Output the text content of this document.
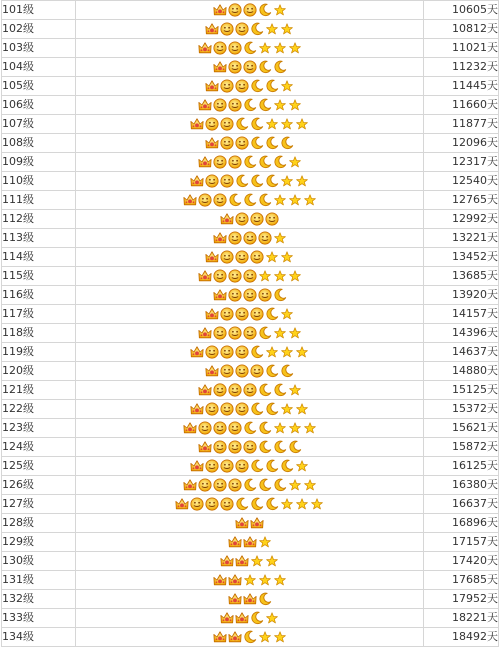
101级		10605天
102级		10812天
103级		11021天
104级		11232天
105级		11445天
106级		11660天
107级		11877天
108级		12096天
109级		12317天
110级		12540天
111级		12765天
112级		12992天
113级		13221天
114级		13452天
115级		13685天
116级		13920天
117级		14157天
118级		14396天
119级		14637天
120级		14880天
121级		15125天
122级		15372天
123级		15621天
124级		15872天
125级		16125天
126级		16380天
127级		16637天
128级		16896天
129级		17157天
130级		17420天
131级		17685天
132级		17952天
133级		18221天
134级		18492天
